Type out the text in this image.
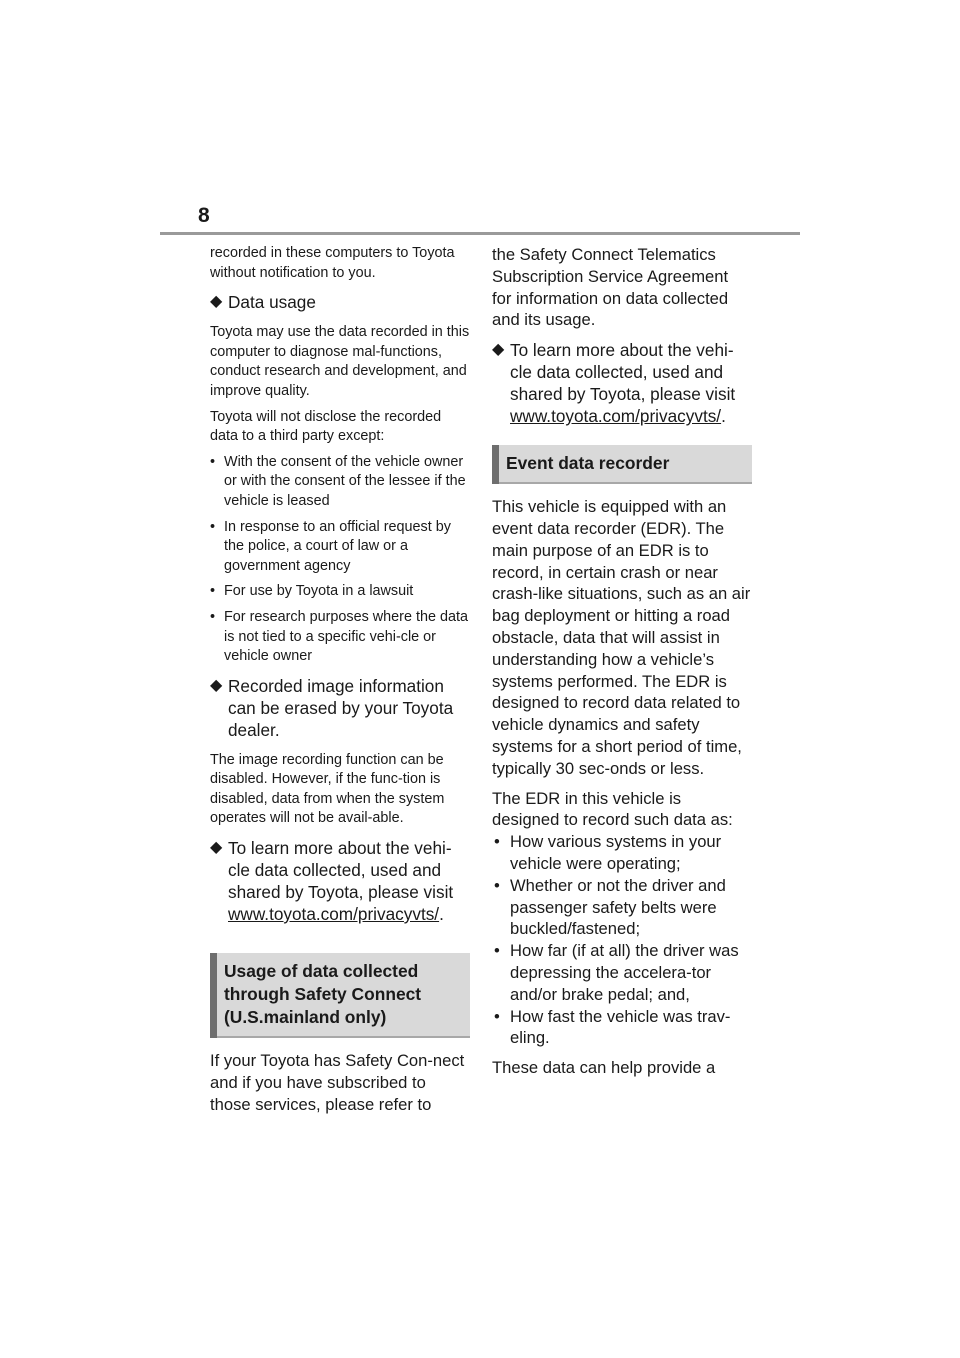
8

recorded in these computers to Toyota without notification to you.

◆ Data usage

Toyota may use the data recorded in this computer to diagnose mal-functions, conduct research and development, and improve quality.

Toyota will not disclose the recorded data to a third party except:

• With the consent of the vehicle owner or with the consent of the lessee if the vehicle is leased
• In response to an official request by the police, a court of law or a government agency
• For use by Toyota in a lawsuit
• For research purposes where the data is not tied to a specific vehi-cle or vehicle owner
◆ Recorded image information can be erased by your Toyota dealer.

The image recording function can be disabled. However, if the func-tion is disabled, data from when the system operates will not be avail-able.

◆ To learn more about the vehi-cle data collected, used and shared by Toyota, please visit www.toyota.com/privacyvts/.
Usage of data collected through Safety Connect (U.S.mainland only)

If your Toyota has Safety Con-nect and if you have subscribed to those services, please refer to

the Safety Connect Telematics Subscription Service Agreement for information on data collected and its usage.

◆ To learn more about the vehi-cle data collected, used and shared by Toyota, please visit www.toyota.com/privacyvts/.
Event data recorder

This vehicle is equipped with an event data recorder (EDR). The main purpose of an EDR is to record, in certain crash or near crash-like situations, such as an air bag deployment or hitting a road obstacle, data that will assist in understanding how a vehicle’s systems performed. The EDR is designed to record data related to vehicle dynamics and safety systems for a short period of time, typically 30 sec-onds or less.

The EDR in this vehicle is designed to record such data as:

• How various systems in your vehicle were operating;
• Whether or not the driver and passenger safety belts were buckled/fastened;
• How far (if at all) the driver was depressing the accelera-tor and/or brake pedal; and,
• How fast the vehicle was trav-eling.

These data can help provide a
